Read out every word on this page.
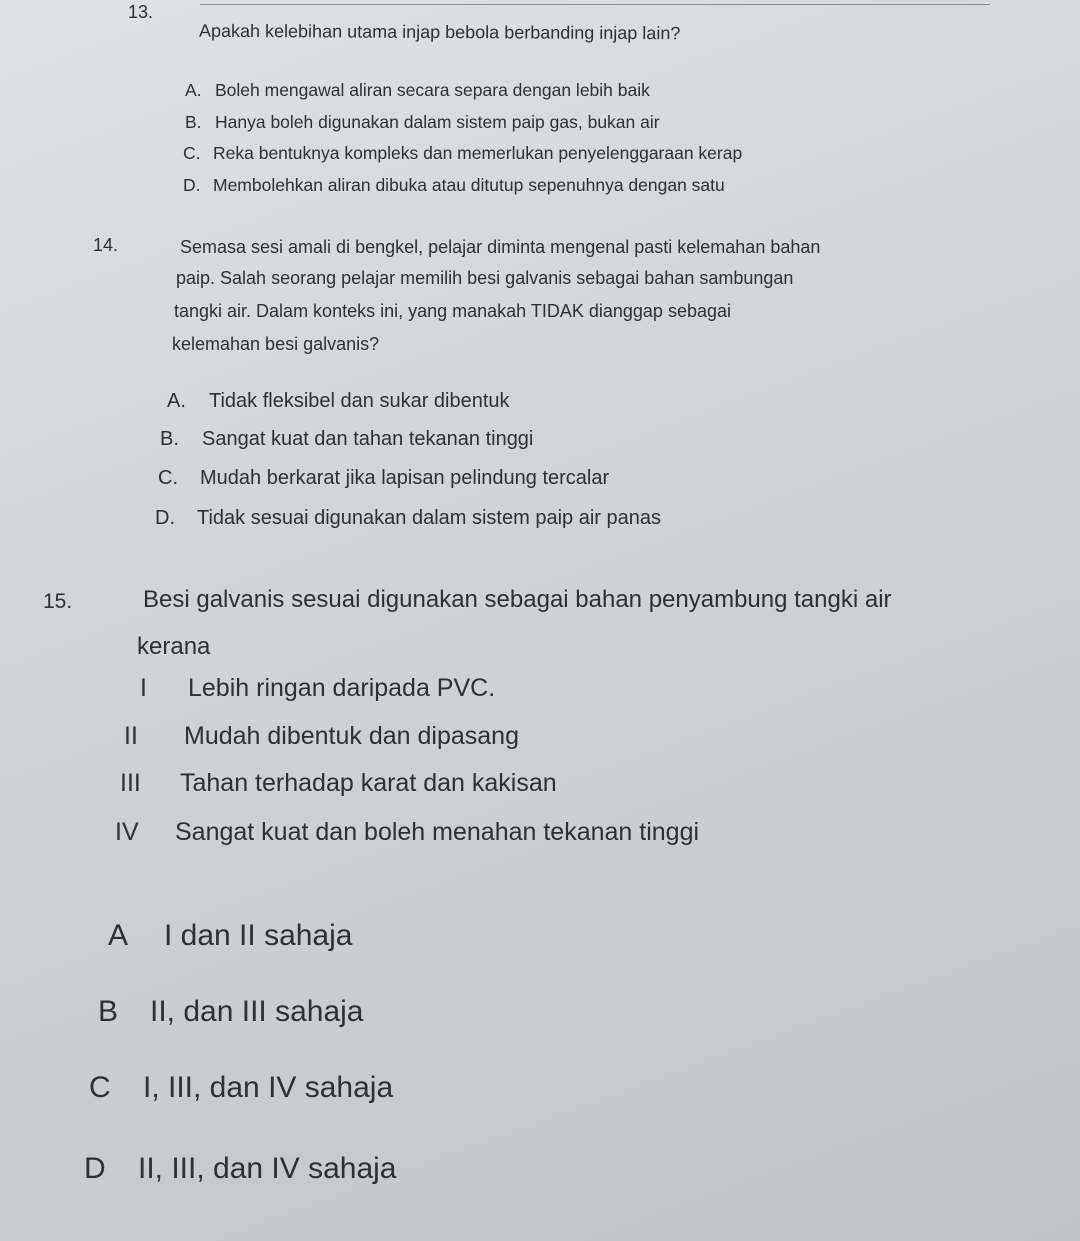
13.
Apakah kelebihan utama injap bebola berbanding injap lain?
A. Boleh mengawal aliran secara separa dengan lebih baik
B. Hanya boleh digunakan dalam sistem paip gas, bukan air
C. Reka bentuknya kompleks dan memerlukan penyelenggaraan kerap
D. Membolehkan aliran dibuka atau ditutup sepenuhnya dengan satu
14.	Semasa sesi amali di bengkel, pelajar diminta mengenal pasti kelemahan bahan
paip. Salah seorang pelajar memilih besi galvanis sebagai bahan sambungan
tangki air. Dalam konteks ini, yang manakah TIDAK dianggap sebagai
kelemahan besi galvanis?
A. Tidak fleksibel dan sukar dibentuk
B. Sangat kuat dan tahan tekanan tinggi
C. Mudah berkarat jika lapisan pelindung tercalar
D. Tidak sesuai digunakan dalam sistem paip air panas
15.	Besi galvanis sesuai digunakan sebagai bahan penyambung tangki air
kerana
I Lebih ringan daripada PVC.
II Mudah dibentuk dan dipasang
III Tahan terhadap karat dan kakisan
IV Sangat kuat dan boleh menahan tekanan tinggi
A I dan II sahaja
B II, dan III sahaja
C I, III, dan IV sahaja
D II, III, dan IV sahaja
